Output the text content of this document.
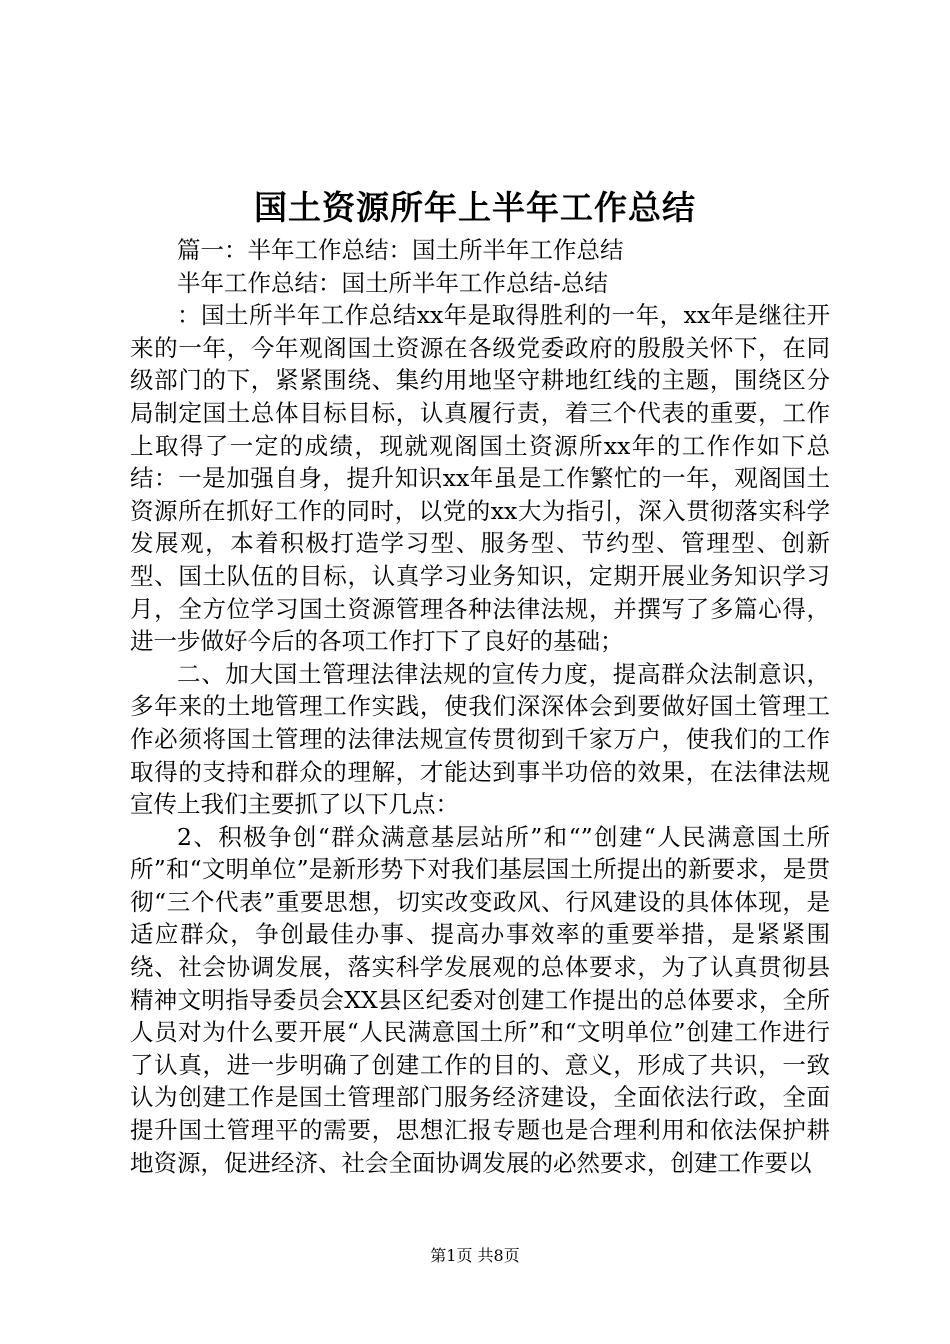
国土资源所年上半年工作总结

篇一：半年工作总结：国土所半年工作总结

半年工作总结：国土所半年工作总结-总结

：国土所半年工作总结xx年是取得胜利的一年，xx年是继往开来的一年，今年观阁国土资源在各级党委政府的殷殷关怀下，在同级部门的下，紧紧围绕、集约用地坚守耕地红线的主题，围绕区分局制定国土总体目标目标，认真履行责，着三个代表的重要，工作上取得了一定的成绩，现就观阁国土资源所xx年的工作作如下总结：一是加强自身，提升知识xx年虽是工作繁忙的一年，观阁国土资源所在抓好工作的同时，以党的xx大为指引，深入贯彻落实科学发展观，本着积极打造学习型、服务型、节约型、管理型、创新型、国土队伍的目标，认真学习业务知识，定期开展业务知识学习月，全方位学习国土资源管理各种法律法规，并撰写了多篇心得，进一步做好今后的各项工作打下了良好的基础；

二、加大国土管理法律法规的宣传力度，提高群众法制意识，多年来的土地管理工作实践，使我们深深体会到要做好国土管理工作必须将国土管理的法律法规宣传贯彻到千家万户，使我们的工作取得的支持和群众的理解，才能达到事半功倍的效果，在法律法规宣传上我们主要抓了以下几点：

2、积极争创“群众满意基层站所”和“”创建“人民满意国土所所”和“文明单位”是新形势下对我们基层国土所提出的新要求，是贯彻“三个代表”重要思想，切实改变政风、行风建设的具体体现，是适应群众，争创最佳办事、提高办事效率的重要举措，是紧紧围绕、社会协调发展，落实科学发展观的总体要求，为了认真贯彻县精神文明指导委员会XX县区纪委对创建工作提出的总体要求，全所人员对为什么要开展“人民满意国土所”和“文明单位”创建工作进行了认真，进一步明确了创建工作的目的、意义，形成了共识，一致认为创建工作是国土管理部门服务经济建设，全面依法行政，全面提升国土管理平的需要，思想汇报专题也是合理利用和依法保护耕地资源，促进经济、社会全面协调发展的必然要求，创建工作要以

第1页 共8页
